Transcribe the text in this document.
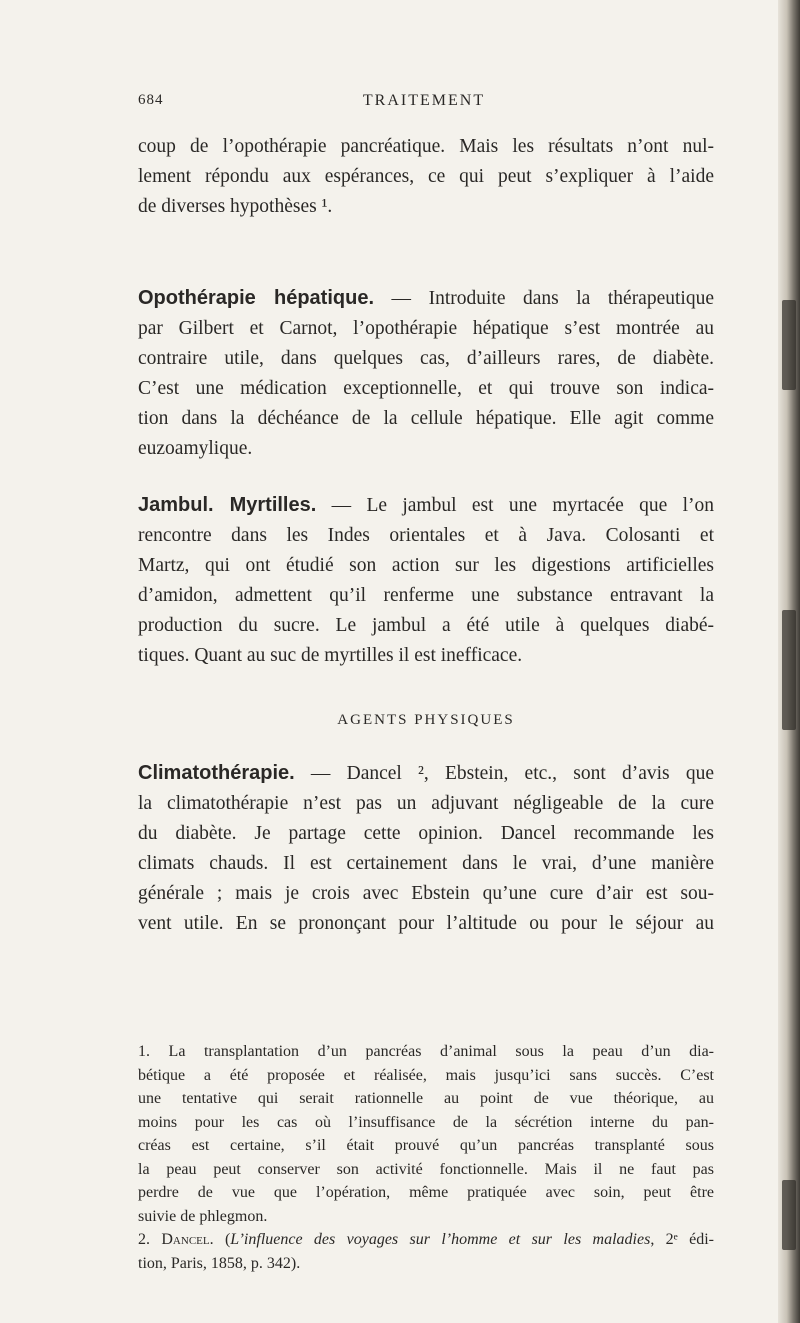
684	TRAITEMENT

coup de l’opothérapie pancréatique. Mais les résultats n’ont nul-
lement répondu aux espérances, ce qui peut s’expliquer à l’aide
de diverses hypothèses ¹.

Opothérapie hépatique. — Introduite dans la thérapeutique
par Gilbert et Carnot, l’opothérapie hépatique s’est montrée au
contraire utile, dans quelques cas, d’ailleurs rares, de diabète.
C’est une médication exceptionnelle, et qui trouve son indica-
tion dans la déchéance de la cellule hépatique. Elle agit comme
euzoamylique.

Jambul. Myrtilles. — Le jambul est une myrtacée que l’on
rencontre dans les Indes orientales et à Java. Colosanti et
Martz, qui ont étudié son action sur les digestions artificielles
d’amidon, admettent qu’il renferme une substance entravant la
production du sucre. Le jambul a été utile à quelques diabé-
tiques. Quant au suc de myrtilles il est inefficace.

AGENTS PHYSIQUES

Climatothérapie. — Dancel ², Ebstein, etc., sont d’avis que
la climatothérapie n’est pas un adjuvant négligeable de la cure
du diabète. Je partage cette opinion. Dancel recommande les
climats chauds. Il est certainement dans le vrai, d’une manière
générale ; mais je crois avec Ebstein qu’une cure d’air est sou-
vent utile. En se prononçant pour l’altitude ou pour le séjour au

1. La transplantation d’un pancréas d’animal sous la peau d’un dia-
bétique a été proposée et réalisée, mais jusqu’ici sans succès. C’est
une tentative qui serait rationnelle au point de vue théorique, au
moins pour les cas où l’insuffisance de la sécrétion interne du pan-
créas est certaine, s’il était prouvé qu’un pancréas transplanté sous
la peau peut conserver son activité fonctionnelle. Mais il ne faut pas
perdre de vue que l’opération, même pratiquée avec soin, peut être
suivie de phlegmon.
2. Dancel. (L’influence des voyages sur l’homme et sur les maladies, 2ᵉ édi-
tion, Paris, 1858, p. 342).
